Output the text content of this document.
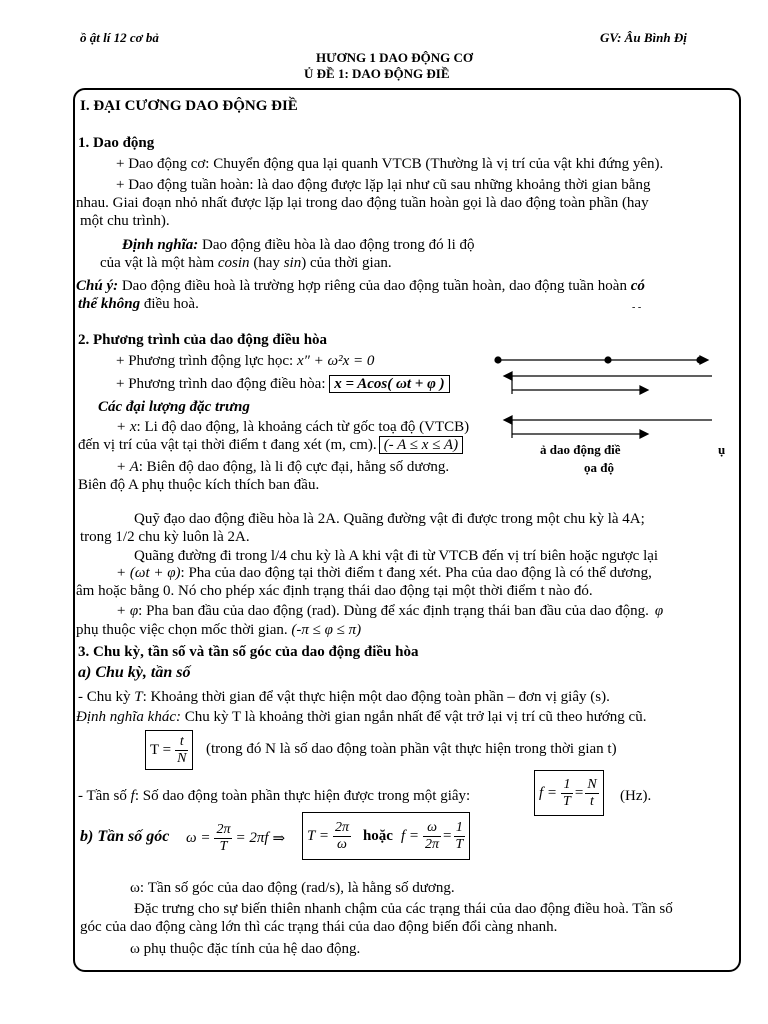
ồ ật lí 12 cơ bả	GV: Âu Bình Đị
HƯƠNG 1 DAO ĐỘNG CƠ
Ủ ĐỀ 1: DAO ĐỘNG ĐIỀ
I. ĐẠI CƯƠNG DAO ĐỘNG ĐIỀ
1. Dao động
+ Dao động cơ: Chuyển động qua lại quanh VTCB (Thường là vị trí của vật khi đứng yên).
+ Dao động tuần hoàn: là dao động được lặp lại như cũ sau những khoảng thời gian bằng
nhau. Giai đoạn nhỏ nhất được lặp lại trong dao động tuần hoàn gọi là dao động toàn phần (hay
một chu trình).
Định nghĩa: Dao động điều hòa là dao động trong đó li độ
của vật là một hàm cosin (hay sin) của thời gian.
Chú ý: Dao động điều hoà là trường hợp riêng của dao động tuần hoàn, dao động tuần hoàn có
thể không điều hoà.
2. Phương trình của dao động điều hòa
+ Phương trình động lực học: x″ + ω²x = 0
+ Phương trình dao động điều hòa: x = Acos( ωt + φ )
Các đại lượng đặc trưng
+ x: Li độ dao động, là khoảng cách từ gốc toạ độ (VTCB)
đến vị trí của vật tại thời điểm t đang xét (m, cm). (- A ≤ x ≤ A)
+ A: Biên độ dao động, là li độ cực đại, hằng số dương.
Biên độ A phụ thuộc kích thích ban đầu.
ả dao động điề	ụ
ọa độ
- -
Quỹ đạo dao động điều hòa là 2A. Quãng đường vật đi được trong một chu kỳ là 4A;
trong 1/2 chu kỳ luôn là 2A.
Quãng đường đi trong l/4 chu kỳ là A khi vật đi từ VTCB đến vị trí biên hoặc ngược lại
+ (ωt + φ): Pha của dao động tại thời điểm t đang xét. Pha của dao động là có thể dương,
âm hoặc bằng 0. Nó cho phép xác định trạng thái dao động tại một thời điểm t nào đó.
+ φ: Pha ban đầu của dao động (rad). Dùng để xác định trạng thái ban đầu của dao động. φ
phụ thuộc việc chọn mốc thời gian. (-π ≤ φ ≤ π)
3. Chu kỳ, tần số và tần số góc của dao động điều hòa
a) Chu kỳ, tần số
- Chu kỳ T: Khoảng thời gian để vật thực hiện một dao động toàn phần – đơn vị giây (s).
Định nghĩa khác: Chu kỳ T là khoảng thời gian ngắn nhất để vật trở lại vị trí cũ theo hướng cũ.
$T = \frac{t}{N}$ (trong đó N là số dao động toàn phần vật thực hiện trong thời gian t)
- Tần số f: Số dao động toàn phần thực hiện được trong một giây:	$f = \frac{1}{T} = \frac{N}{t} (Hz)$.
b) Tần số góc $\omega = \frac{2\pi}{T} = 2\pi f$ ⇒ $T = \frac{2\pi}{\omega}$ hoặc $f = \frac{\omega}{2\pi} = \frac{1}{T}$
ω: Tần số góc của dao động (rad/s), là hằng số dương.
Đặc trưng cho sự biến thiên nhanh chậm của các trạng thái của dao động điều hoà. Tần số
góc của dao động càng lớn thì các trạng thái của dao động biến đổi càng nhanh.
ω phụ thuộc đặc tính của hệ dao động.
